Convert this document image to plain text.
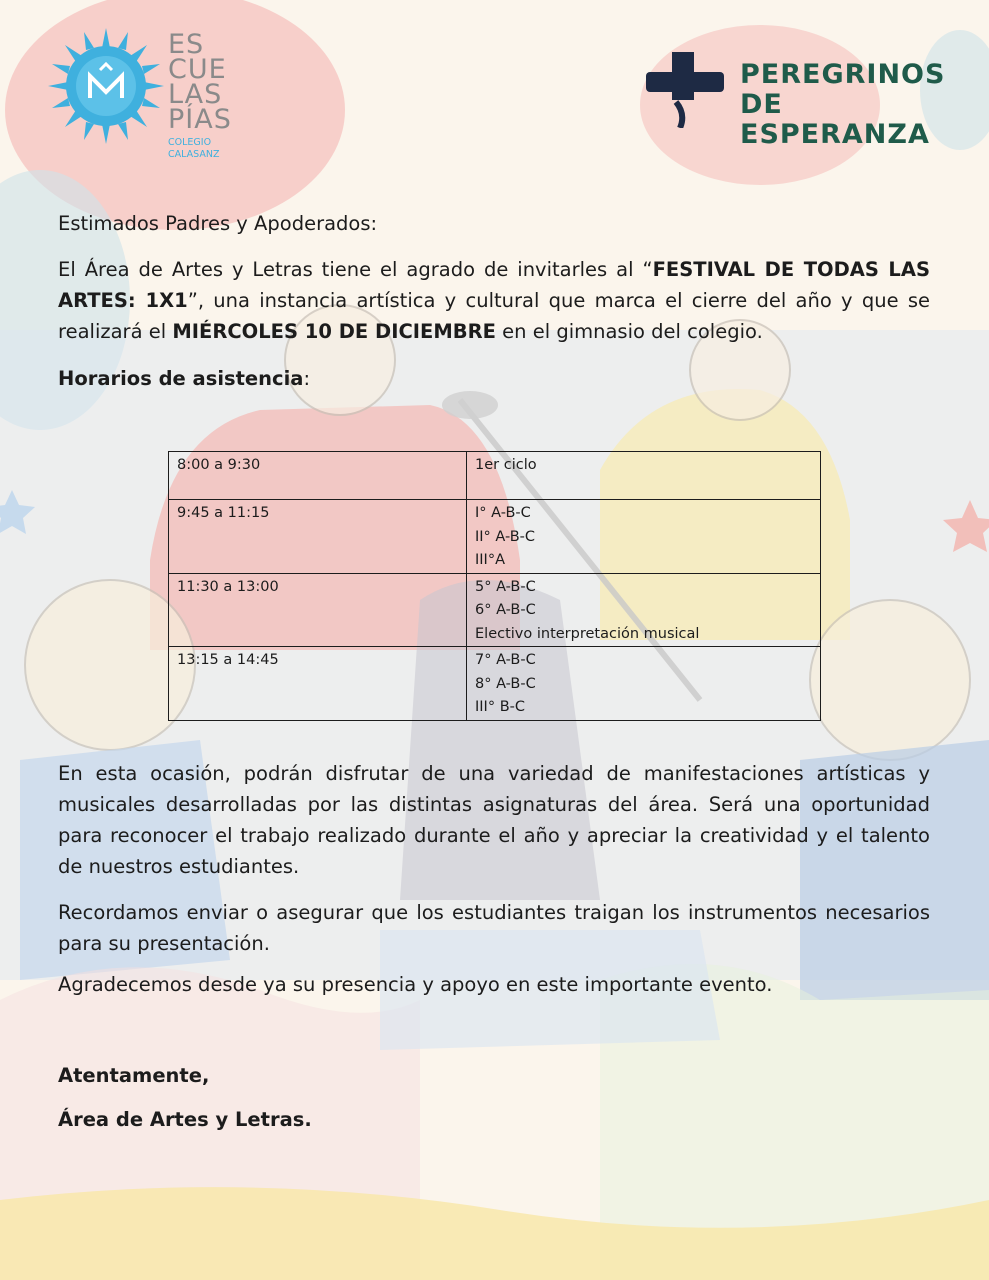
ES
CUE
LAS
PÍAS
COLEGIO
CALASANZ
PEREGRINOS
DE ESPERANZA

Estimados Padres y Apoderados:

El Área de Artes y Letras tiene el agrado de invitarles al “FESTIVAL DE TODAS LAS ARTES: 1X1”, una instancia artística y cultural que marca el cierre del año y que se realizará el MIÉRCOLES 10 DE DICIEMBRE en el gimnasio del colegio.

Horarios de asistencia:

8:00 a 9:30	1er ciclo

9:45 a 11:15	I° A-B-C
II° A-B-C
III°A

11:30 a 13:00	5° A-B-C
6° A-B-C
Electivo interpretación musical

13:15 a 14:45	7° A-B-C
8° A-B-C
III° B-C

En esta ocasión, podrán disfrutar de una variedad de manifestaciones artísticas y musicales desarrolladas por las distintas asignaturas del área. Será una oportunidad para reconocer el trabajo realizado durante el año y apreciar la creatividad y el talento de nuestros estudiantes.

Recordamos enviar o asegurar que los estudiantes traigan los instrumentos necesarios para su presentación.

Agradecemos desde ya su presencia y apoyo en este importante evento.

Atentamente,

Área de Artes y Letras.
